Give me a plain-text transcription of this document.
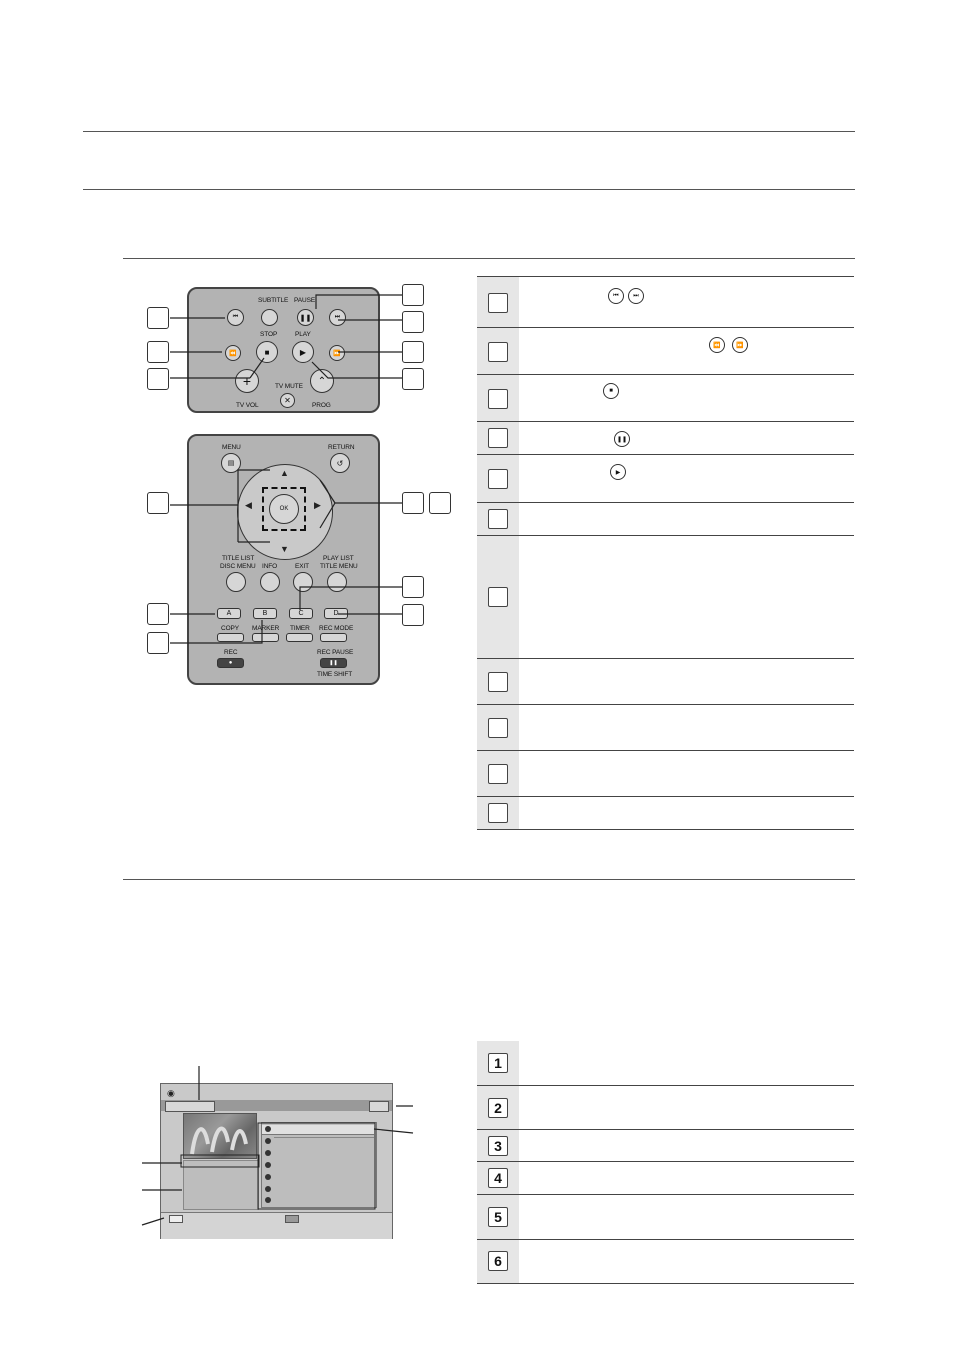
⏮
SUBTITLE PAUSE
❚❚	⏭
STOP	PLAY
⏪	■	▶	⏩
+	TV MUTE
✕
⌃
TV VOL	PROG
MENU
▤
RETURN
↺
▲
▼
◀	▶
OK
TITLE LIST
DISC MENU INFO	EXIT
PLAY LIST
TITLE MENU
A	B	C	D
COPY MARKER TIMER REC MODE
REC
●
REC PAUSE
❚❚
TIME SHIFT
⏮	⏭
⏪	⏩
■
❚❚
▶
◉
1
2
3
4
5
6
